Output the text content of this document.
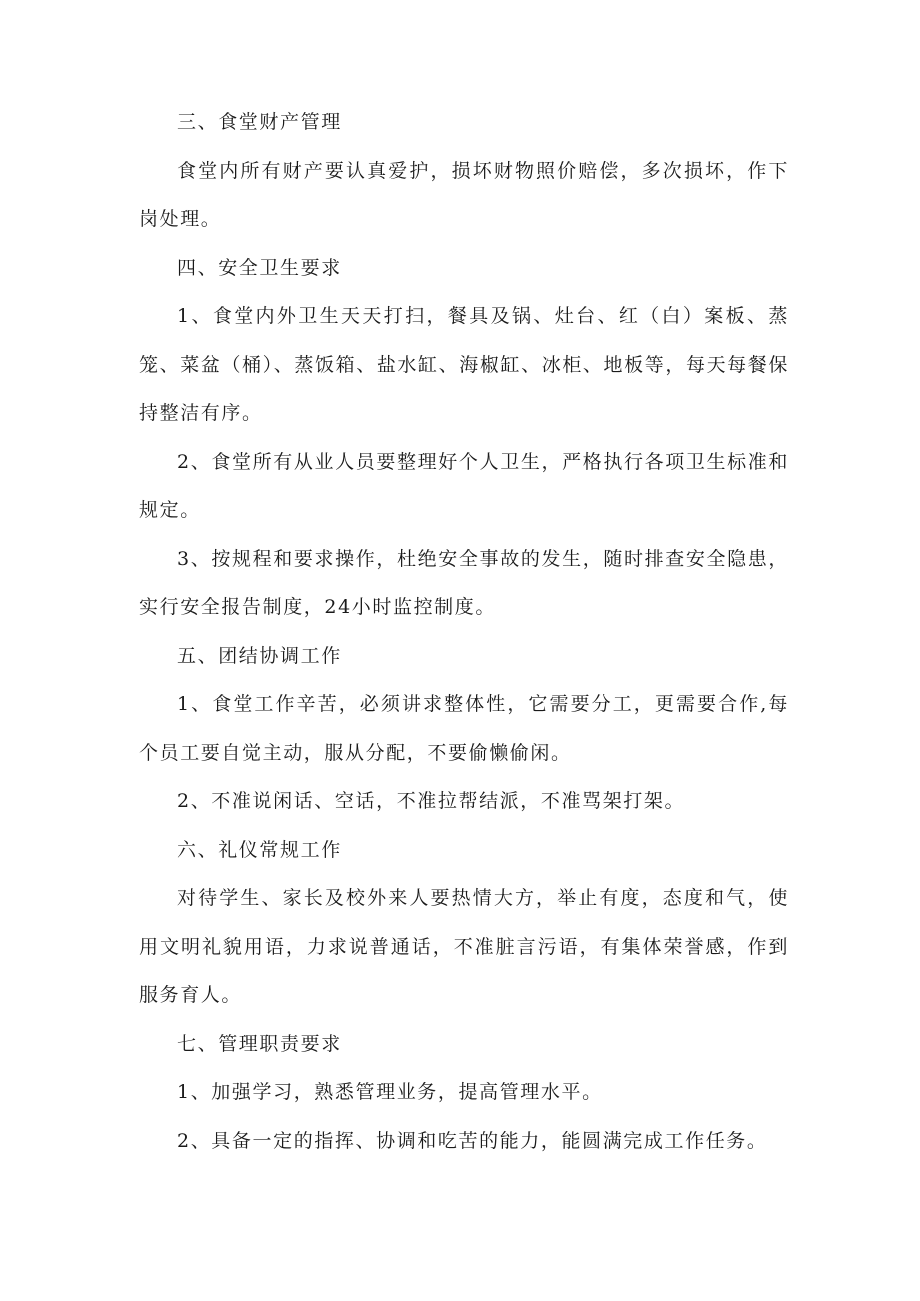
三、食堂财产管理

食堂内所有财产要认真爱护，损坏财物照价赔偿，多次损坏，作下岗处理。

四、安全卫生要求

1、食堂内外卫生天天打扫，餐具及锅、灶台、红（白）案板、蒸笼、菜盆（桶）、蒸饭箱、盐水缸、海椒缸、冰柜、地板等，每天每餐保持整洁有序。

2、食堂所有从业人员要整理好个人卫生，严格执行各项卫生标准和规定。

3、按规程和要求操作，杜绝安全事故的发生，随时排查安全隐患，实行安全报告制度，24小时监控制度。

五、团结协调工作

1、食堂工作辛苦，必须讲求整体性，它需要分工，更需要合作,每个员工要自觉主动，服从分配，不要偷懒偷闲。

2、不准说闲话、空话，不准拉帮结派，不准骂架打架。

六、礼仪常规工作

对待学生、家长及校外来人要热情大方，举止有度，态度和气，使用文明礼貌用语，力求说普通话，不准脏言污语，有集体荣誉感，作到服务育人。

七、管理职责要求

1、加强学习，熟悉管理业务，提高管理水平。

2、具备一定的指挥、协调和吃苦的能力，能圆满完成工作任务。
